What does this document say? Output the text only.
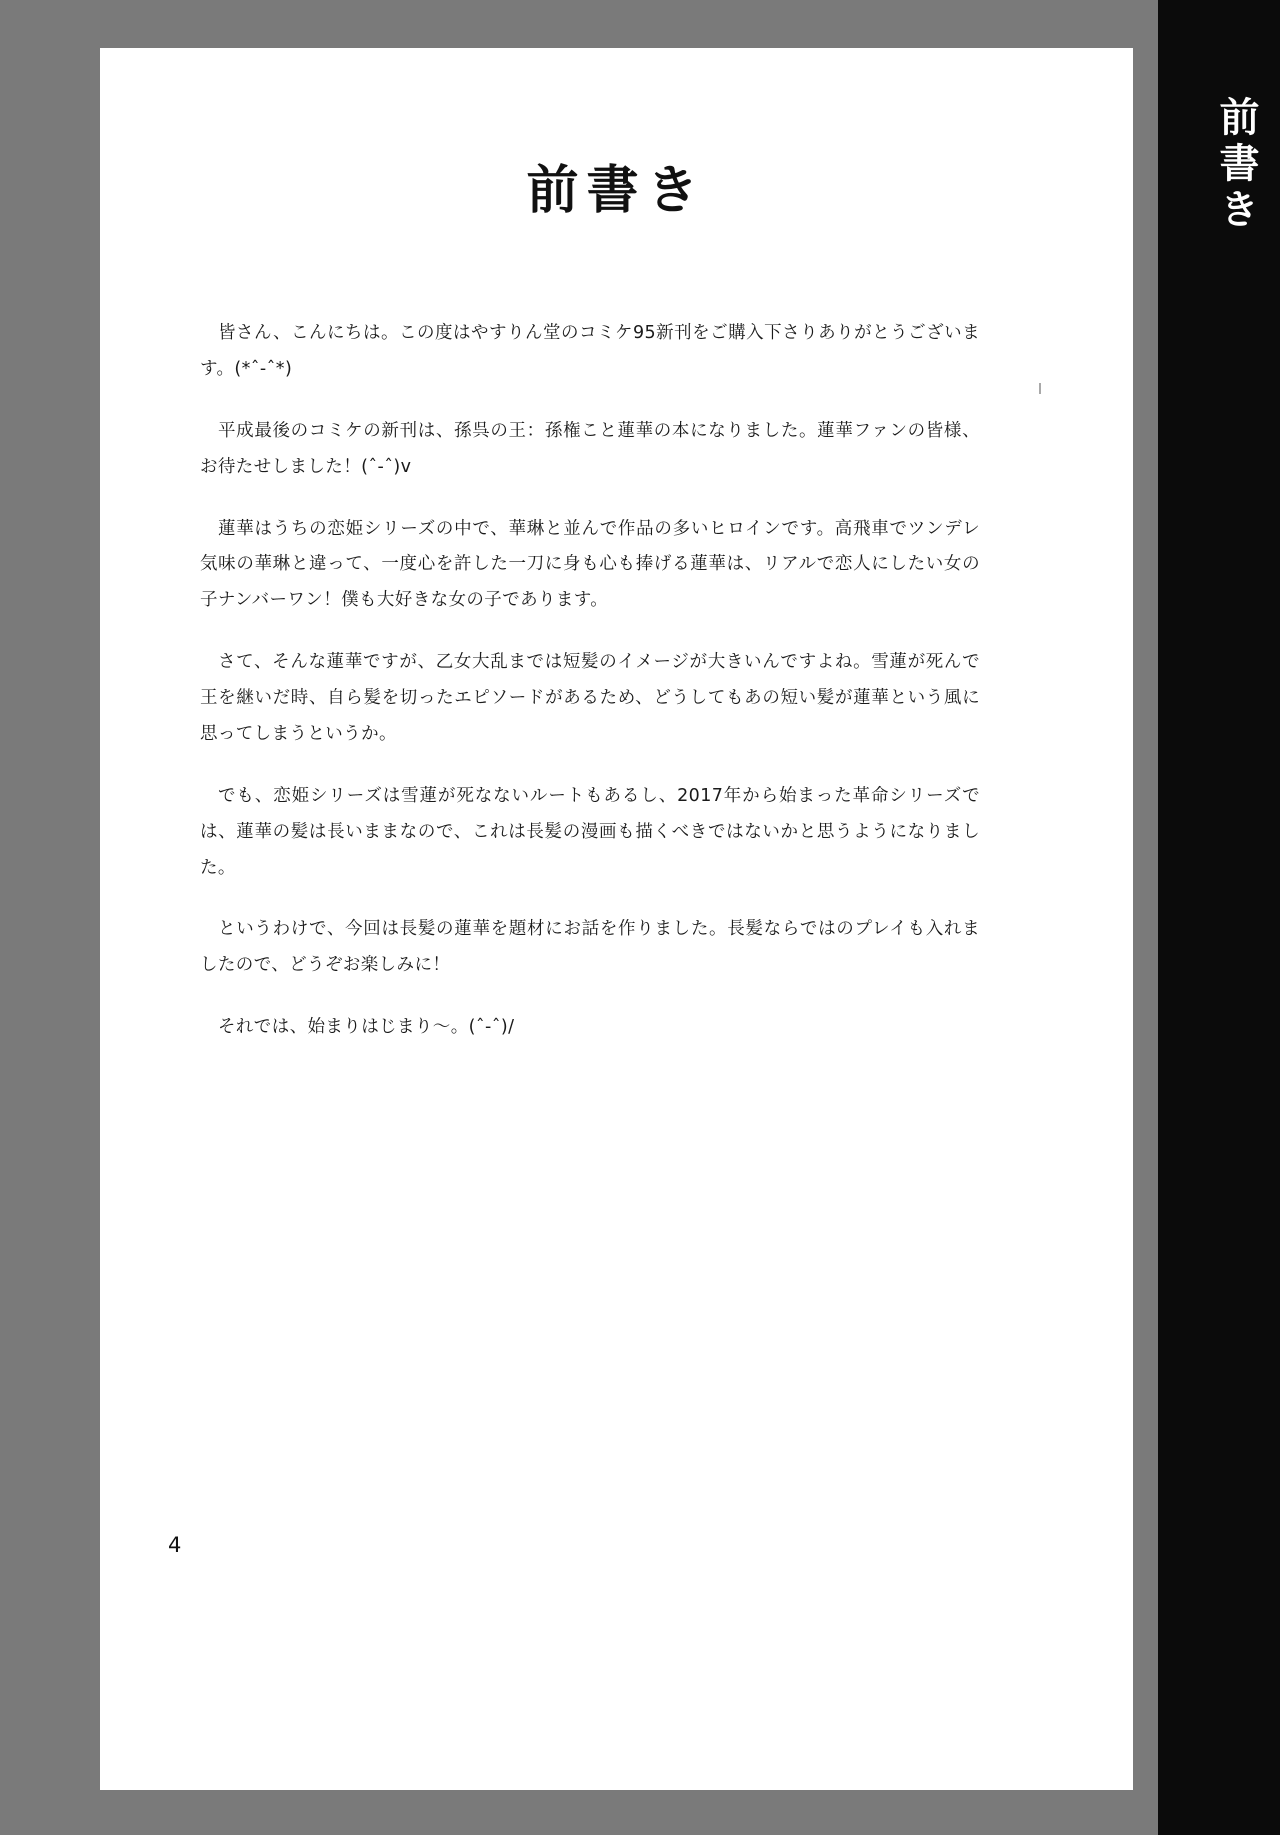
前書き
前書き

皆さん、こんにちは。この度はやすりん堂のコミケ95新刊をご購入下さりありがとうございます。(*ˆ-ˆ*)

平成最後のコミケの新刊は、孫呉の王：孫権こと蓮華の本になりました。蓮華ファンの皆様、お待たせしました！(ˆ-ˆ)v

蓮華はうちの恋姫シリーズの中で、華琳と並んで作品の多いヒロインです。高飛車でツンデレ気味の華琳と違って、一度心を許した一刀に身も心も捧げる蓮華は、リアルで恋人にしたい女の子ナンバーワン！僕も大好きな女の子であります。

さて、そんな蓮華ですが、乙女大乱までは短髪のイメージが大きいんですよね。雪蓮が死んで王を継いだ時、自ら髪を切ったエピソードがあるため、どうしてもあの短い髪が蓮華という風に思ってしまうというか。

でも、恋姫シリーズは雪蓮が死なないルートもあるし、2017年から始まった革命シリーズでは、蓮華の髪は長いままなので、これは長髪の漫画も描くべきではないかと思うようになりました。

というわけで、今回は長髪の蓮華を題材にお話を作りました。長髪ならではのプレイも入れましたので、どうぞお楽しみに！

それでは、始まりはじまり〜。(ˆ-ˆ)/

4
